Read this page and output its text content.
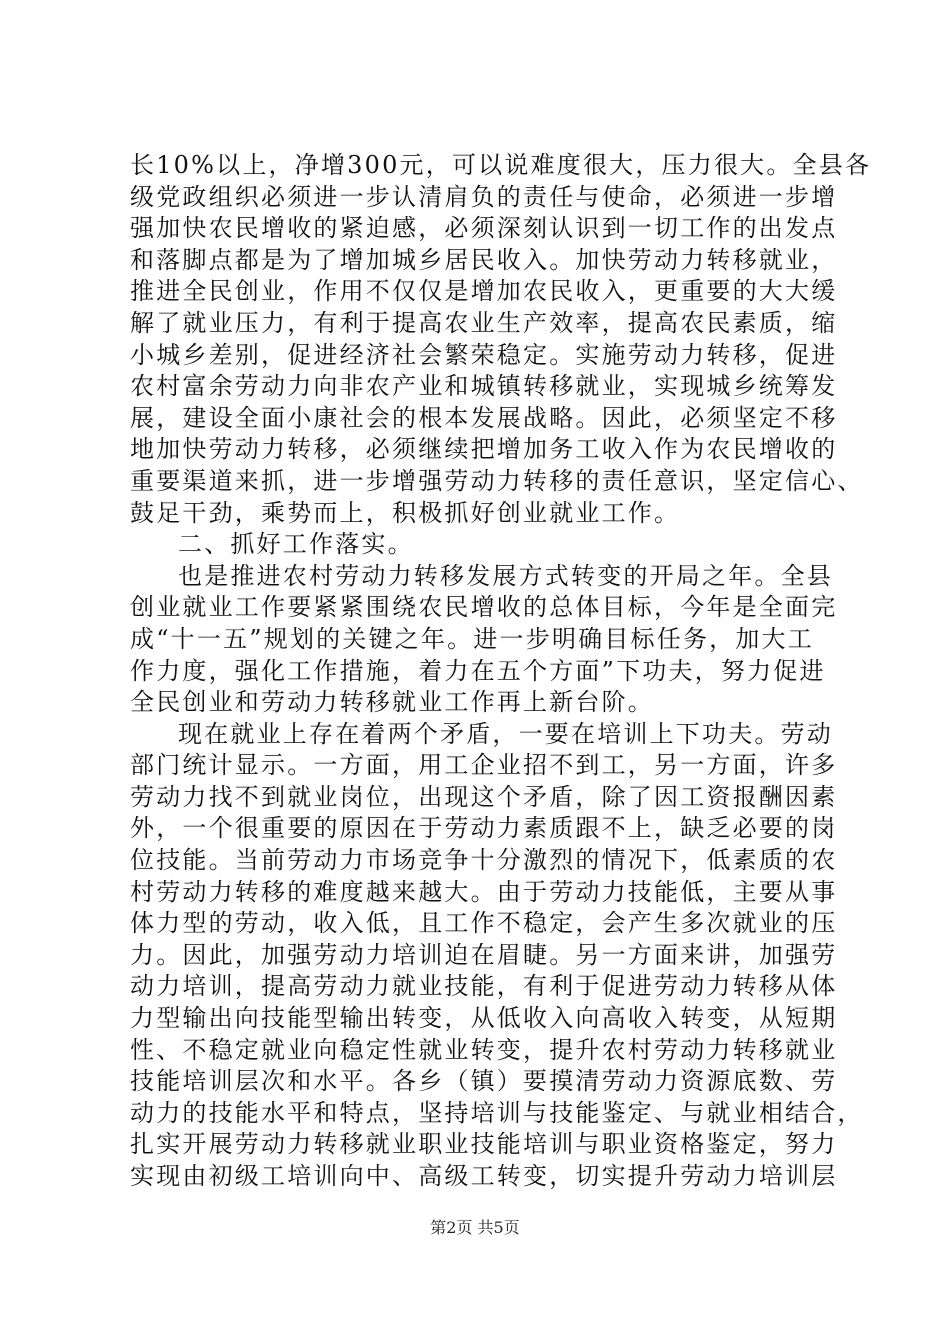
长10%以上，净增300元，可以说难度很大，压力很大。全县各
级党政组织必须进一步认清肩负的责任与使命，必须进一步增
强加快农民增收的紧迫感，必须深刻认识到一切工作的出发点
和落脚点都是为了增加城乡居民收入。加快劳动力转移就业，
推进全民创业，作用不仅仅是增加农民收入，更重要的大大缓
解了就业压力，有利于提高农业生产效率，提高农民素质，缩
小城乡差别，促进经济社会繁荣稳定。实施劳动力转移，促进
农村富余劳动力向非农产业和城镇转移就业，实现城乡统筹发
展，建设全面小康社会的根本发展战略。因此，必须坚定不移
地加快劳动力转移，必须继续把增加务工收入作为农民增收的
重要渠道来抓，进一步增强劳动力转移的责任意识，坚定信心、
鼓足干劲，乘势而上，积极抓好创业就业工作。
二、抓好工作落实。
也是推进农村劳动力转移发展方式转变的开局之年。全县
创业就业工作要紧紧围绕农民增收的总体目标，今年是全面完
成“十一五”规划的关键之年。进一步明确目标任务，加大工
作力度，强化工作措施，着力在五个方面”下功夫，努力促进
全民创业和劳动力转移就业工作再上新台阶。
现在就业上存在着两个矛盾，一要在培训上下功夫。劳动
部门统计显示。一方面，用工企业招不到工，另一方面，许多
劳动力找不到就业岗位，出现这个矛盾，除了因工资报酬因素
外，一个很重要的原因在于劳动力素质跟不上，缺乏必要的岗
位技能。当前劳动力市场竞争十分激烈的情况下，低素质的农
村劳动力转移的难度越来越大。由于劳动力技能低，主要从事
体力型的劳动，收入低，且工作不稳定，会产生多次就业的压
力。因此，加强劳动力培训迫在眉睫。另一方面来讲，加强劳
动力培训，提高劳动力就业技能，有利于促进劳动力转移从体
力型输出向技能型输出转变，从低收入向高收入转变，从短期
性、不稳定就业向稳定性就业转变，提升农村劳动力转移就业
技能培训层次和水平。各乡（镇）要摸清劳动力资源底数、劳
动力的技能水平和特点，坚持培训与技能鉴定、与就业相结合，
扎实开展劳动力转移就业职业技能培训与职业资格鉴定，努力
实现由初级工培训向中、高级工转变，切实提升劳动力培训层
第2页 共5页
